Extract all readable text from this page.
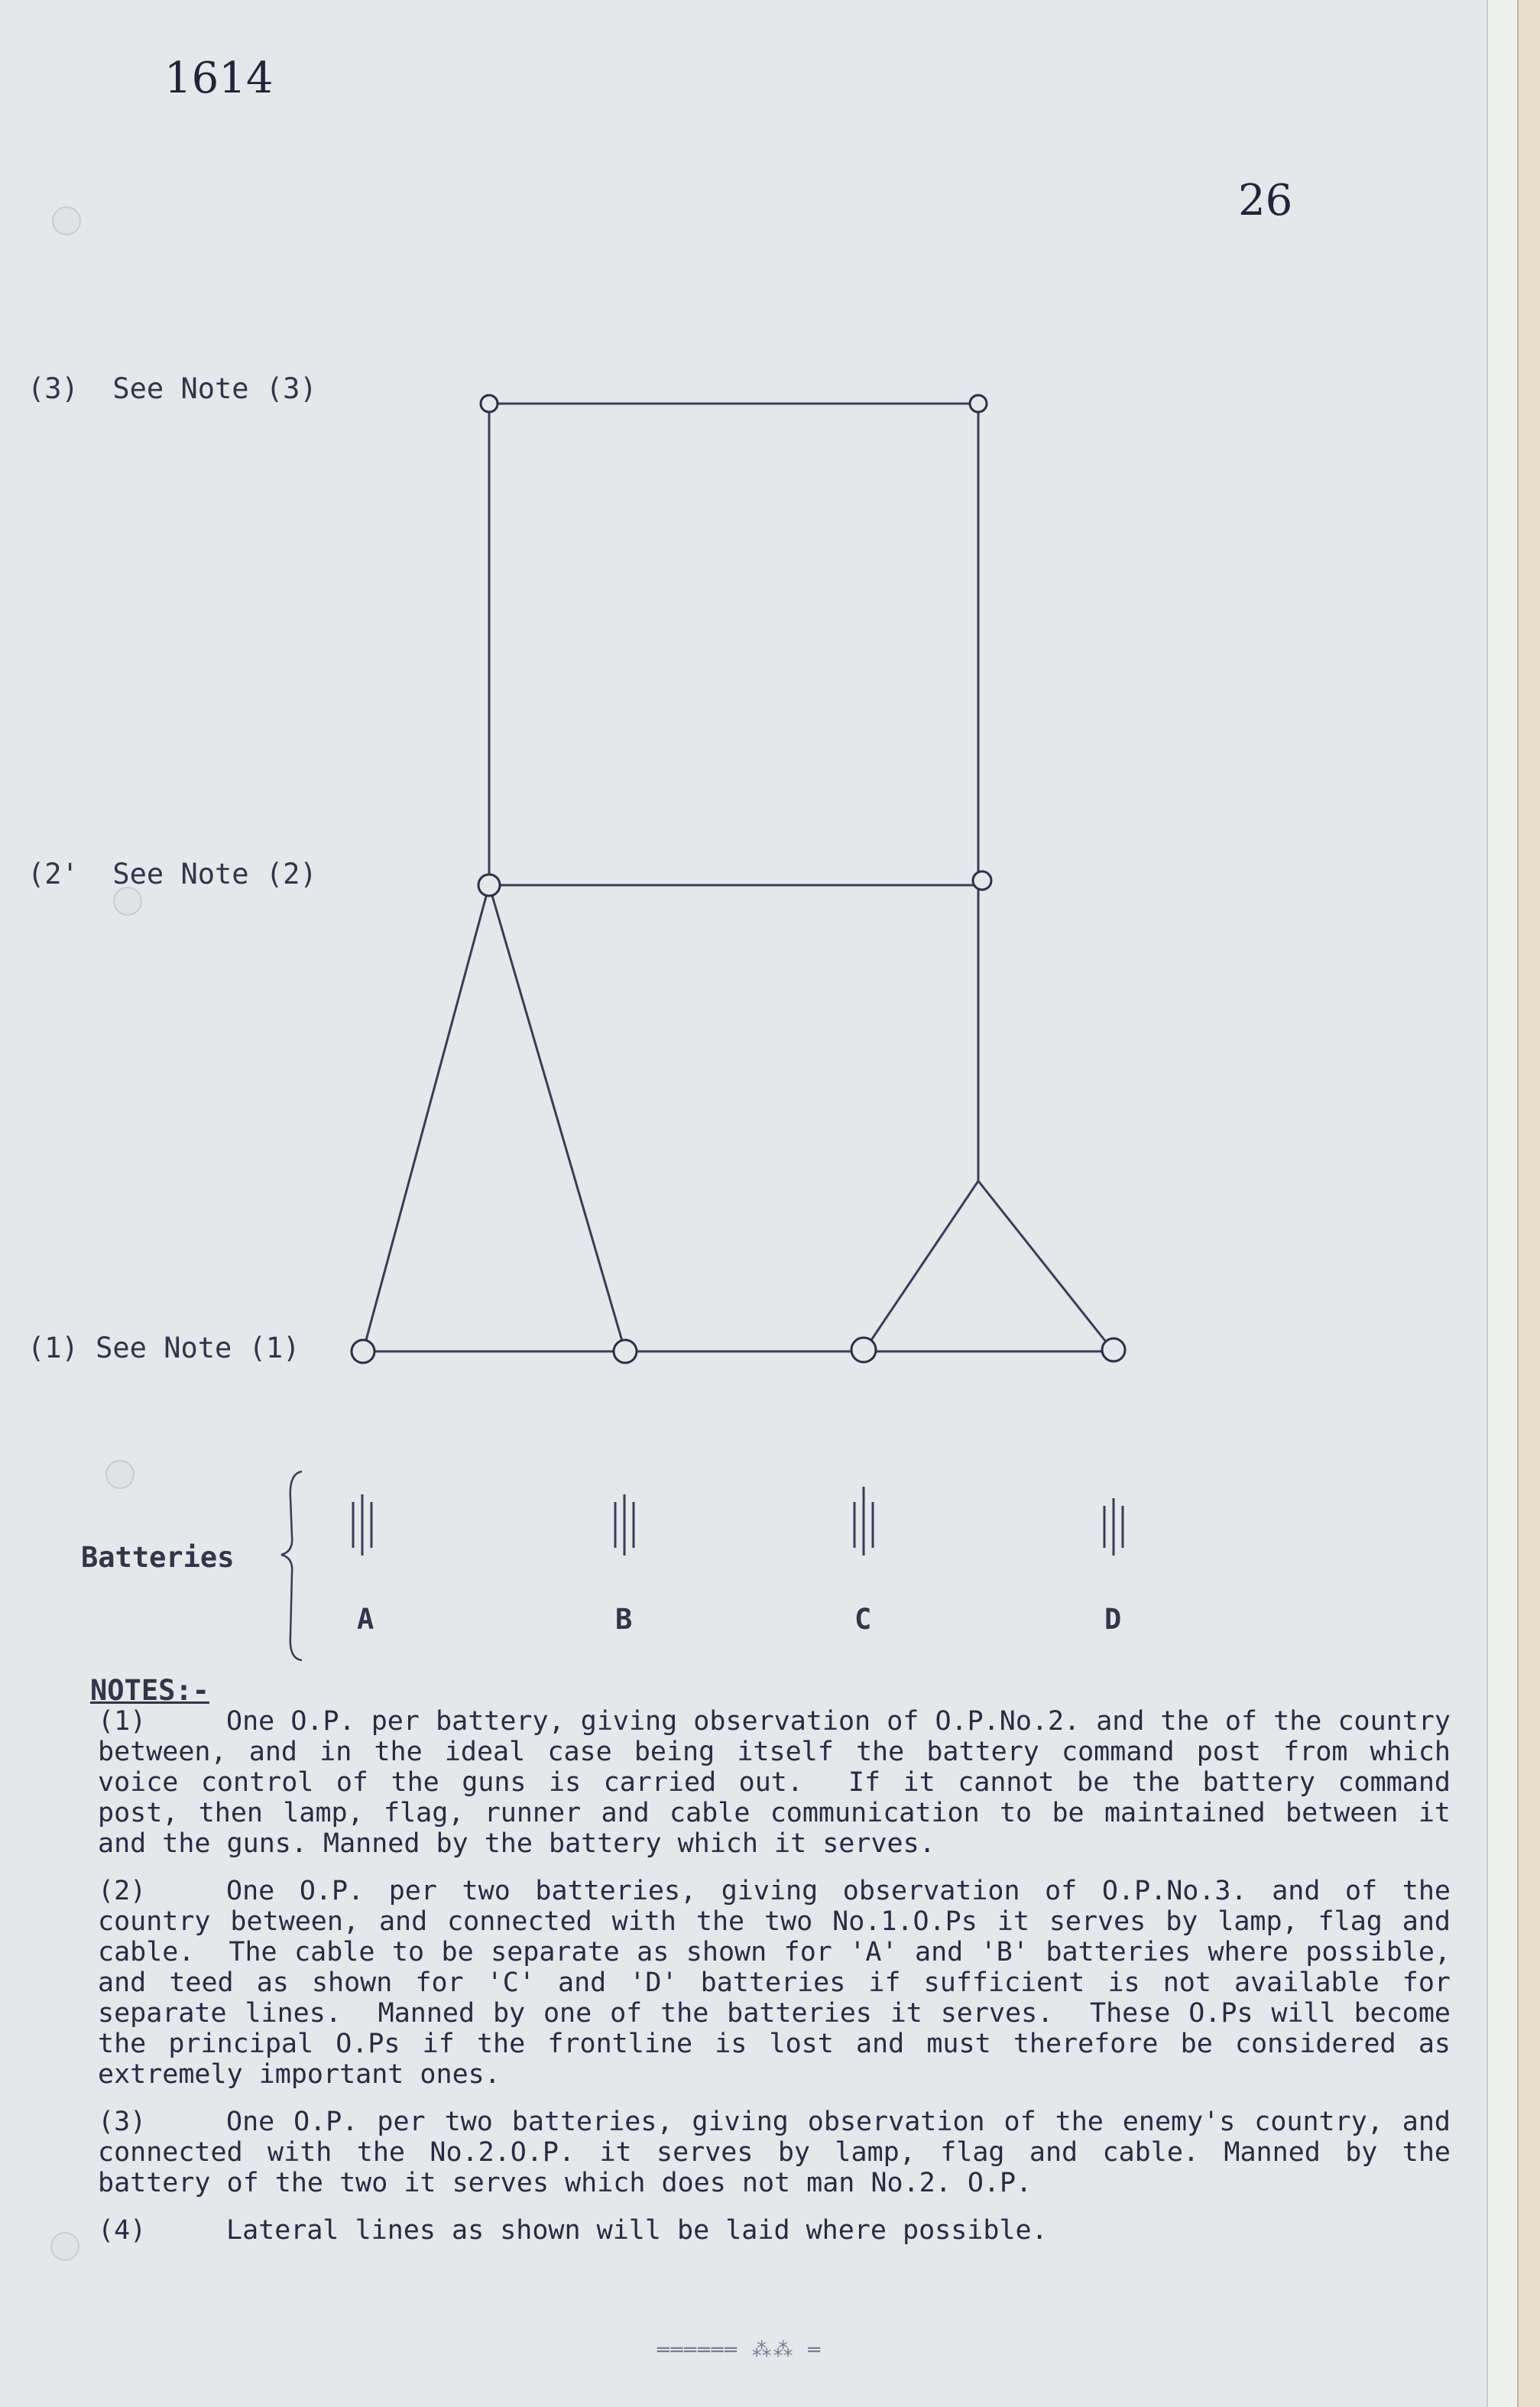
1614
26
(3)  See Note (3)
(2'  See Note (2)
(1) See Note (1)
Batteries
A	B	C	D
NOTES:-

(1)	One O.P. per battery, giving observation of O.P.No.2. and the of the country between, and in the ideal case being itself the battery command post from which voice control of the guns is carried out.  If it cannot be the battery command post, then lamp, flag, runner and cable communication to be maintained between it and the guns. Manned by the battery which it serves.

(2)	One O.P. per two batteries, giving observation of O.P.No.3. and of the country between, and connected with the two No.1.O.Ps it serves by lamp, flag and cable.  The cable to be separate as shown for 'A' and 'B' batteries where possible, and teed as shown for 'C' and 'D' batteries if sufficient is not available for separate lines.  Manned by one of the batteries it serves.  These O.Ps will become the principal O.Ps if the frontline is lost and must therefore be considered as extremely important ones.

(3)	One O.P. per two batteries, giving observation of the enemy's country, and connected with the No.2.O.P. it serves by lamp, flag and cable. Manned by the battery of the two it serves which does not man No.2. O.P.

(4)	Lateral lines as shown will be laid where possible.

══════ ⁂⁂ ═
